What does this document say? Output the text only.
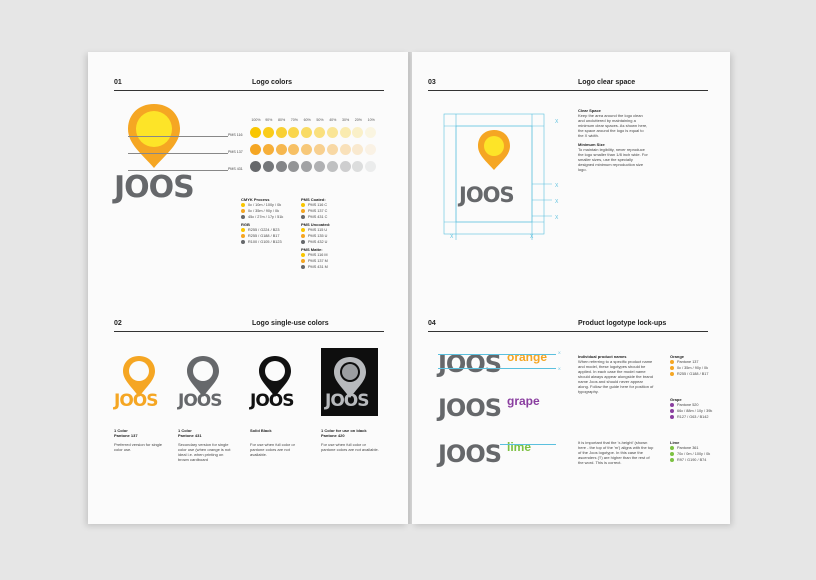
01	Logo colors
JOOS
100%	90%	80%	70%	60%	50%	40%	30%	20%	10%
PMS 116
PMS 137
PMS 431
CMYK Process
0c / 10m / 100y / 0k
0c / 35m / 90y / 0k
45c / 27m / 17y / 51k
RGB
R255 / G224 / B23
R255 / G188 / B17
R100 / G105 / B123
PMS Coated:
PMS 116 C
PMS 137 C
PMS 431 C
PMS Uncoated:
PMS 115 U
PMS 135 U
PMS 432 U
PMS Matte:
PMS 116 M
PMS 137 M
PMS 431 M
02	Logo single-use colors
JOOS JOOS JOOS JOOS
1 Color
Pantone 137
Preferred version for single color use.
1 Color
Pantone 431
Secondary version for single color use (when orange is not ideal i.e. when printing on brown cardboard
Solid Black
For use when full color or pantone colors are not available.
1 Color for use on black
Pantone 420
For use when full color or pantone colors are not available.
03	Logo clear space
JOOS
X
X
X
X
X	X
Clear Space
Keep the area around the logo clean and uncluttered by maintaining a minimum clear spaces. As shown here, the space around the logo is equal to the X width.
Minimum Size
To maintain legibility, never reproduce the logo smaller than 1/8 inch wide. For smaller sizes, use the specially designed minimum reproduction size logo.
04	Product logotype lock-ups
JOOS orange	X
X
JOOS grape
JOOS lime
Individual product names
When referring to a specific product name and model, these logotypes should be applied. In each case the model name should always appear alongside the brand name Joos and should never appear along. Follow the guide here for position of typography.
It is important that the 'x-height' (shown here - the top of the 'm') aligns with the top of the Joos logotype. In this case the ascenders ('l') are higher than the rest of the word. This is correct.
Orange
Pantone 137
0c / 35m / 90y / 0k
R255 / G188 / B17
Grape
Pantone 520
66c / 88m / 10y / 39k
R127 / G63 / B142
Lime
Pantone 361
70c / 0m / 100y / 0k
R97 / G190 / B74
